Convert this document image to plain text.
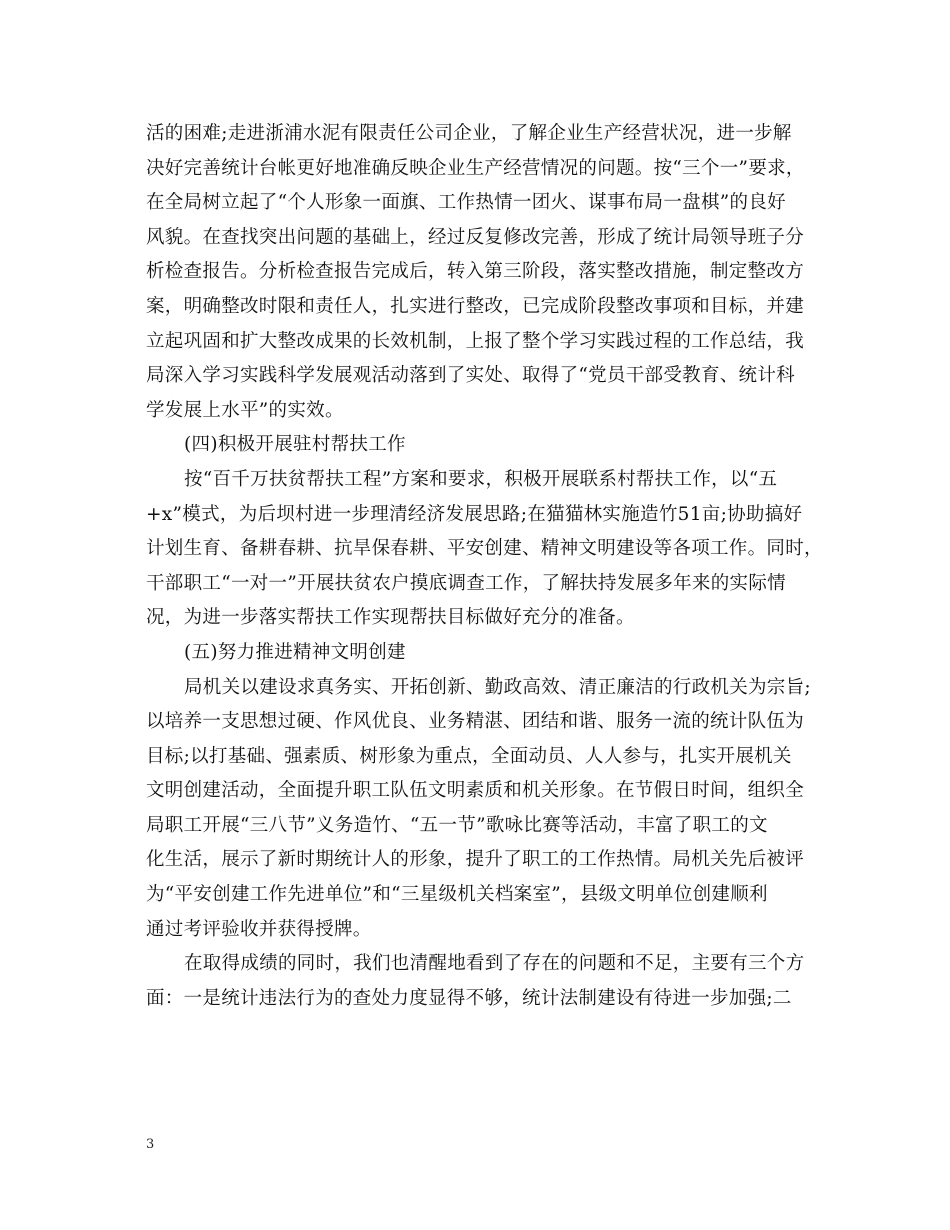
活的困难;走进浙浦水泥有限责任公司企业，了解企业生产经营状况，进一步解
决好完善统计台帐更好地准确反映企业生产经营情况的问题。按“三个一”要求，
在全局树立起了“个人形象一面旗、工作热情一团火、谋事布局一盘棋”的良好
风貌。在查找突出问题的基础上，经过反复修改完善，形成了统计局领导班子分
析检查报告。分析检查报告完成后，转入第三阶段，落实整改措施，制定整改方
案，明确整改时限和责任人，扎实进行整改，已完成阶段整改事项和目标，并建
立起巩固和扩大整改成果的长效机制，上报了整个学习实践过程的工作总结，我
局深入学习实践科学发展观活动落到了实处、取得了“党员干部受教育、统计科
学发展上水平”的实效。
(四)积极开展驻村帮扶工作
按“百千万扶贫帮扶工程”方案和要求，积极开展联系村帮扶工作，以“五
+x”模式，为后坝村进一步理清经济发展思路;在猫猫林实施造竹51亩;协助搞好
计划生育、备耕春耕、抗旱保春耕、平安创建、精神文明建设等各项工作。同时，
干部职工“一对一”开展扶贫农户摸底调查工作，了解扶持发展多年来的实际情
况，为进一步落实帮扶工作实现帮扶目标做好充分的准备。
(五)努力推进精神文明创建
局机关以建设求真务实、开拓创新、勤政高效、清正廉洁的行政机关为宗旨;
以培养一支思想过硬、作风优良、业务精湛、团结和谐、服务一流的统计队伍为
目标;以打基础、强素质、树形象为重点，全面动员、人人参与，扎实开展机关
文明创建活动，全面提升职工队伍文明素质和机关形象。在节假日时间，组织全
局职工开展“三八节”义务造竹、“五一节”歌咏比赛等活动，丰富了职工的文
化生活，展示了新时期统计人的形象，提升了职工的工作热情。局机关先后被评
为“平安创建工作先进单位”和“三星级机关档案室”，县级文明单位创建顺利
通过考评验收并获得授牌。
在取得成绩的同时，我们也清醒地看到了存在的问题和不足，主要有三个方
面：一是统计违法行为的查处力度显得不够，统计法制建设有待进一步加强;二
3
